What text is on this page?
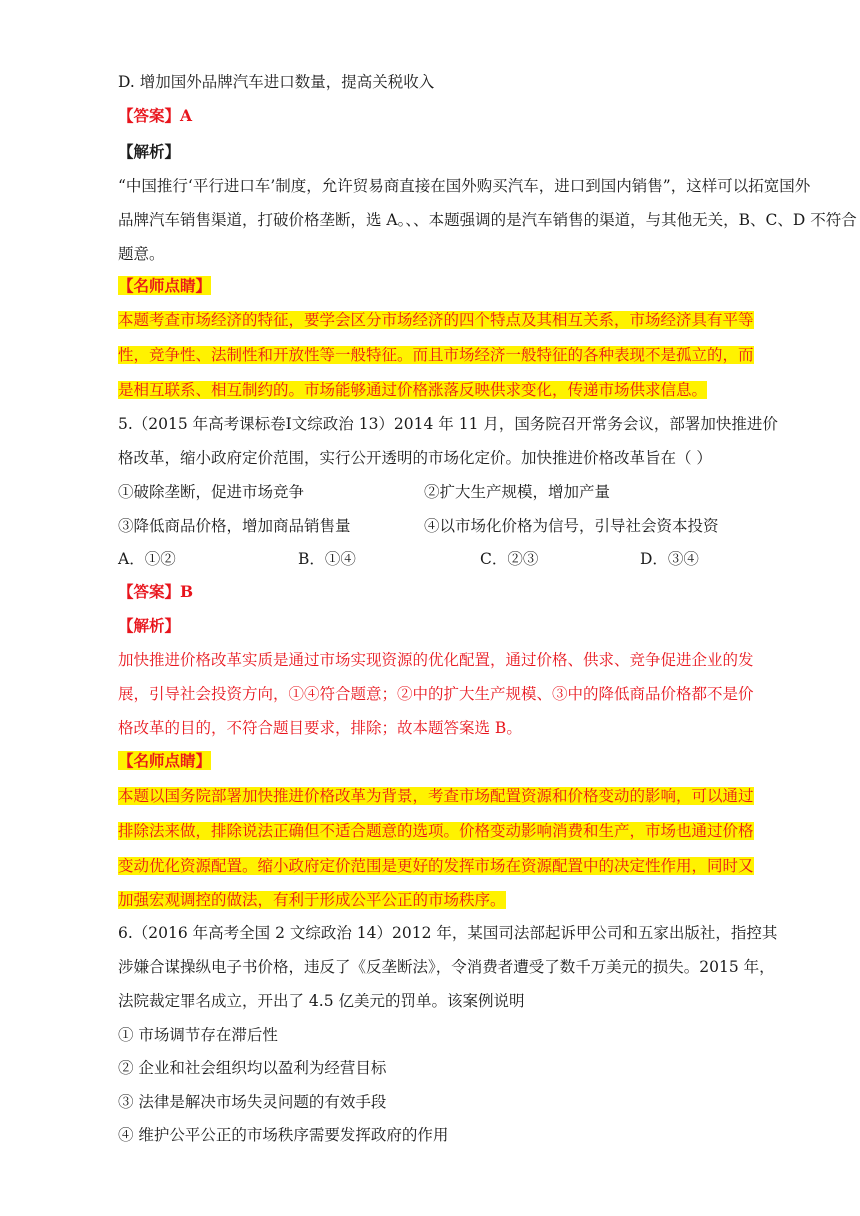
D. 增加国外品牌汽车进口数量，提高关税收入
【答案】A
【解析】
“中国推行‘平行进口车’制度，允许贸易商直接在国外购买汽车，进口到国内销售”，这样可以拓宽国外
品牌汽车销售渠道，打破价格垄断，选 A。、、本题强调的是汽车销售的渠道，与其他无关，B、C、D 不符合
题意。
【名师点睛】
本题考查市场经济的特征，要学会区分市场经济的四个特点及其相互关系，市场经济具有平等
性，竞争性、法制性和开放性等一般特征。而且市场经济一般特征的各种表现不是孤立的，而
是相互联系、相互制约的。市场能够通过价格涨落反映供求变化，传递市场供求信息。
5.（2015 年高考课标卷Ⅰ文综政治 13）2014 年 11 月，国务院召开常务会议，部署加快推进价
格改革，缩小政府定价范围，实行公开透明的市场化定价。加快推进价格改革旨在（ ）
①破除垄断，促进市场竞争	②扩大生产规模，增加产量
③降低商品价格，增加商品销售量	④以市场化价格为信号，引导社会资本投资
A．①②	B．①④	C．②③	D．③④
【答案】B
【解析】
加快推进价格改革实质是通过市场实现资源的优化配置，通过价格、供求、竞争促进企业的发
展，引导社会投资方向，①④符合题意；②中的扩大生产规模、③中的降低商品价格都不是价
格改革的目的，不符合题目要求，排除；故本题答案选 B。
【名师点睛】
本题以国务院部署加快推进价格改革为背景，考查市场配置资源和价格变动的影响，可以通过
排除法来做，排除说法正确但不适合题意的选项。价格变动影响消费和生产，市场也通过价格
变动优化资源配置。缩小政府定价范围是更好的发挥市场在资源配置中的决定性作用，同时又
加强宏观调控的做法，有利于形成公平公正的市场秩序。
6.（2016 年高考全国 2 文综政治 14）2012 年，某国司法部起诉甲公司和五家出版社，指控其
涉嫌合谋操纵电子书价格，违反了《反垄断法》，令消费者遭受了数千万美元的损失。2015 年，
法院裁定罪名成立，开出了 4.5 亿美元的罚单。该案例说明
① 市场调节存在滞后性
② 企业和社会组织均以盈利为经营目标
③ 法律是解决市场失灵问题的有效手段
④ 维护公平公正的市场秩序需要发挥政府的作用
